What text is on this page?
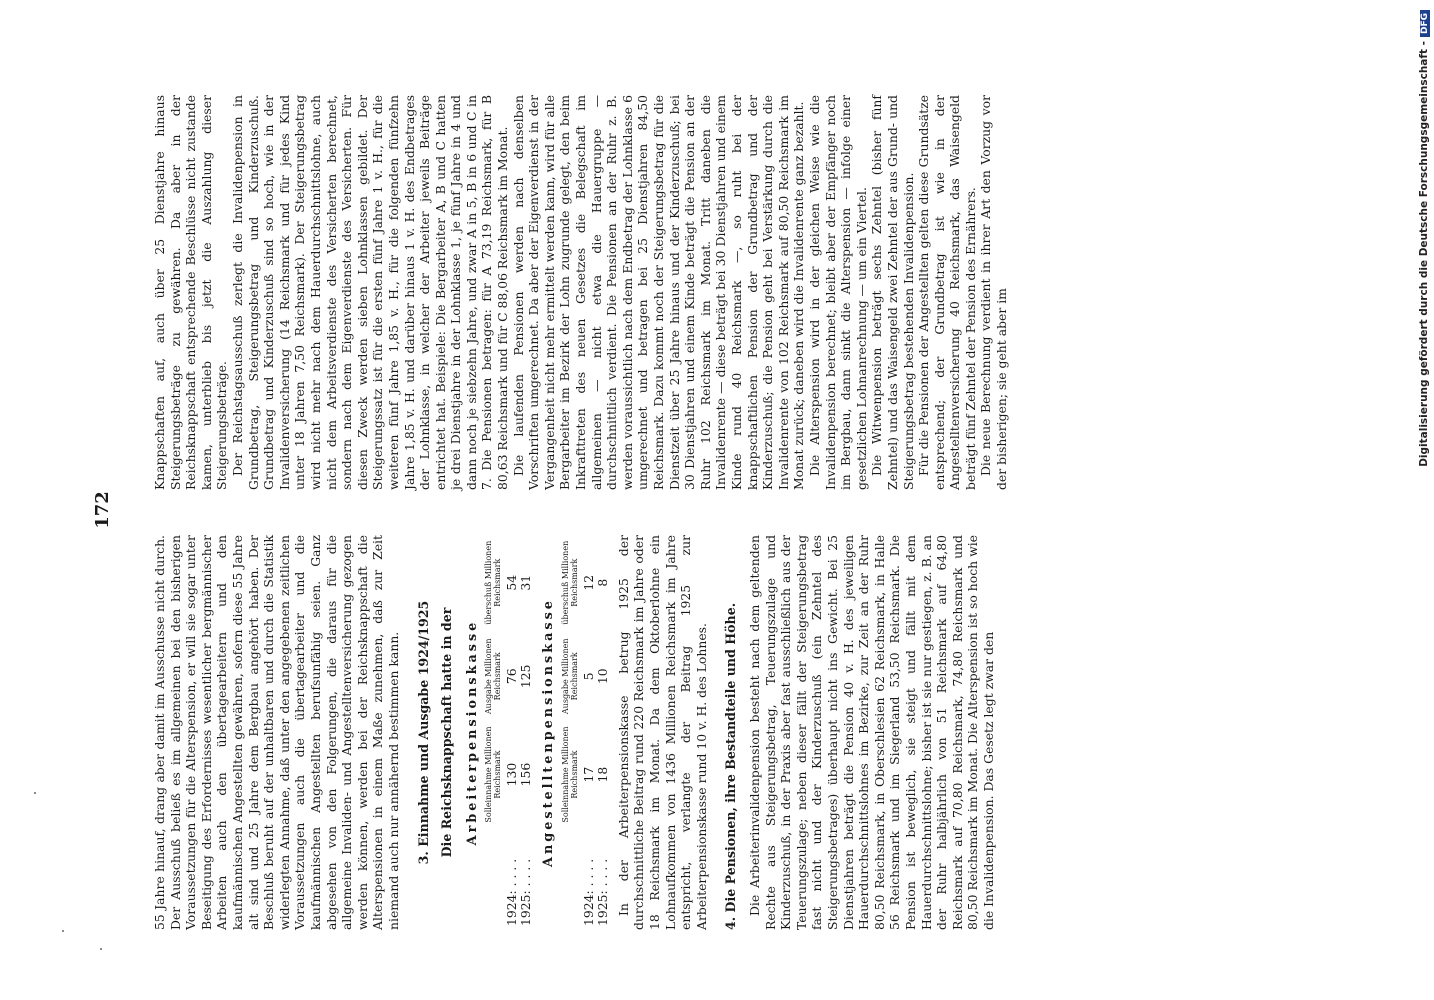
172

55 Jahre hinauf, drang aber damit im Ausschusse nicht durch. Der Ausschuß beließ es im allgemeinen bei den bisherigen Voraussetzungen für die Alterspension, er will sie sogar unter Beseitigung des Erfordernisses wesentlicher bergmännischer Arbeiten auch den übertagearbeitern und den kaufmännischen Angestellten gewähren, sofern diese 55 Jahre alt sind und 25 Jahre dem Bergbau angehört haben. Der Beschluß beruht auf der unhaltbaren und durch die Statistik widerlegten Annahme, daß unter den angegebenen zeitlichen Voraussetzungen auch die übertagearbeiter und die kaufmännischen Angestellten berufsunfähig seien. Ganz abgesehen von den Folgerungen, die daraus für die allgemeine Invaliden- und Angestelltenversicherung gezogen werden können, werden bei der Reichsknappschaft die Alterspensionen in einem Maße zunehmen, daß zur Zeit niemand auch nur annähernd bestimmen kann. 3. Einnahme und Ausgabe 1924/1925 Die Reichsknappschaft hatte in der Arbeiterpensionskasse
	Solleinnahme Millionen Reichsmark	Ausgabe Millionen Reichsmark	überschuß Millionen Reichsmark
1924: . . . .	130	76	54
1925: . . . .	156	125	31
Angestelltenpensionskasse
	Solleinnahme Millionen Reichsmark	Ausgabe Millionen Reichsmark	überschuß Millionen Reichsmark
1924: . . . .	17	5	12
1925: . . . .	18	10	8 In der Arbeiterpensionskasse betrug 1925 der durchschnittliche Beitrag rund 220 Reichsmark im Jahre oder 18 Reichsmark im Monat. Da dem Oktoberlohne ein Lohnaufkommen von 1436 Millionen Reichsmark im Jahre entspricht, verlangte der Beitrag 1925 zur Arbeiterpensionskasse rund 10 v. H. des Lohnes. 4. Die Pensionen, ihre Bestandteile und Höhe. Die Arbeiterinvalidenpension besteht nach dem geltenden Rechte aus Steigerungsbetrag, Teuerungszulage und Kinderzuschuß, in der Praxis aber fast ausschließlich aus der Teuerungszulage; neben dieser fällt der Steigerungsbetrag fast nicht und der Kinderzuschuß (ein Zehntel des Steigerungsbetrages) überhaupt nicht ins Gewicht. Bei 25 Dienstjahren beträgt die Pension 40 v. H. des jeweiligen Hauerdurchschnittslohnes im Bezirke, zur Zeit an der Ruhr 80,50 Reichsmark, in Oberschlesien 62 Reichsmark, in Halle 56 Reichsmark und im Siegerland 53,50 Reichsmark. Die Pension ist beweglich, sie steigt und fällt mit dem Hauerdurchschnittslohne; bisher ist sie nur gestiegen, z. B. an der Ruhr halbjährlich von 51 Reichsmark auf 64,80 Reichsmark auf 70,80 Reichsmark, 74,80 Reichsmark und 80,50 Reichsmark im Monat. Die Alterspension ist so hoch wie die Invalidenpension. Das Gesetz legt zwar den

Knappschaften auf, auch über 25 Dienstjahre hinaus Steigerungsbeträge zu gewähren. Da aber in der Reichsknappschaft entsprechende Beschlüsse nicht zustande kamen, unterblieb bis jetzt die Auszahlung dieser Steigerungsbeträge. Der Reichstagsausschuß zerlegt die Invalidenpension in Grundbetrag, Steigerungsbetrag und Kinderzuschuß. Grundbetrag und Kinderzuschuß sind so hoch, wie in der Invalidenversicherung (14 Reichsmark und für jedes Kind unter 18 Jahren 7,50 Reichsmark). Der Steigerungsbetrag wird nicht mehr nach dem Hauerdurchschnittslohne, auch nicht dem Arbeitsverdienste des Versicherten berechnet, sondern nach dem Eigenverdienste des Versicherten. Für diesen Zweck werden sieben Lohnklassen gebildet. Der Steigerungssatz ist für die ersten fünf Jahre 1 v. H., für die weiteren fünf Jahre 1,85 v. H., für die folgenden fünfzehn Jahre 1,85 v. H. und darüber hinaus 1 v. H. des Endbetrages der Lohnklasse, in welcher der Arbeiter jeweils Beiträge entrichtet hat. Beispiele: Die Bergarbeiter A, B und C hatten je drei Dienstjahre in der Lohnklasse 1, je fünf Jahre in 4 und dann noch je siebzehn Jahre, und zwar A in 5, B in 6 und C in 7. Die Pensionen betragen: für A 73,19 Reichsmark, für B 80,63 Reichsmark und für C 88,06 Reichsmark im Monat. Die laufenden Pensionen werden nach denselben Vorschriften umgerechnet. Da aber der Eigenverdienst in der Vergangenheit nicht mehr ermittelt werden kann, wird für alle Bergarbeiter im Bezirk der Lohn zugrunde gelegt, den beim Inkrafttreten des neuen Gesetzes die Belegschaft im allgemeinen — nicht etwa die Hauergruppe — durchschnittlich verdient. Die Pensionen an der Ruhr z. B. werden voraussichtlich nach dem Endbetrag der Lohnklasse 6 umgerechnet und betragen bei 25 Dienstjahren 84,50 Reichsmark. Dazu kommt noch der Steigerungsbetrag für die Dienstzeit über 25 Jahre hinaus und der Kinderzuschuß; bei 30 Dienstjahren und einem Kinde beträgt die Pension an der Ruhr 102 Reichsmark im Monat. Tritt daneben die Invalidenrente — diese beträgt bei 30 Dienstjahren und einem Kinde rund 40 Reichsmark —, so ruht bei der knappschaftlichen Pension der Grundbetrag und der Kinderzuschuß; die Pension geht bei Verstärkung durch die Invalidenrente von 102 Reichsmark auf 80,50 Reichsmark im Monat zurück; daneben wird die Invalidenrente ganz bezahlt. Die Alterspension wird in der gleichen Weise wie die Invalidenpension berechnet; bleibt aber der Empfänger noch im Bergbau, dann sinkt die Alterspension — infolge einer gesetzlichen Lohnanrechnung — um ein Viertel. Die Witwenpension beträgt sechs Zehntel (bisher fünf Zehntel) und das Waisengeld zwei Zehntel der aus Grund- und Steigerungsbetrag bestehenden Invalidenpension. Für die Pensionen der Angestellten gelten diese Grundsätze entsprechend; der Grundbetrag ist wie in der Angestelltenversicherung 40 Reichsmark, das Waisengeld beträgt fünf Zehntel der Pension des Ernährers. Die neue Berechnung verdient in ihrer Art den Vorzug vor der bisherigen; sie geht aber im	Digitalisierung gefördert durch die Deutsche Forschungsgemeinschaft -DFG
